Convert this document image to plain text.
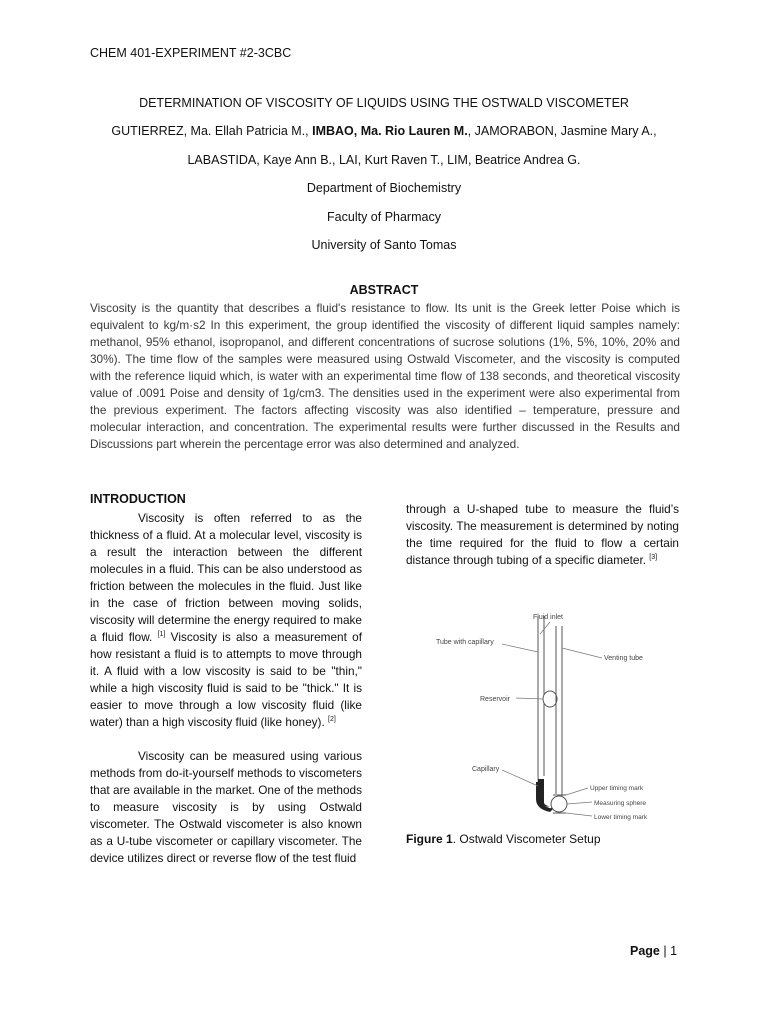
CHEM 401-EXPERIMENT #2-3CBC
DETERMINATION OF VISCOSITY OF LIQUIDS USING THE OSTWALD VISCOMETER
GUTIERREZ, Ma. Ellah Patricia M., IMBAO, Ma. Rio Lauren M., JAMORABON, Jasmine Mary A.,
LABASTIDA, Kaye Ann B., LAI, Kurt Raven T., LIM, Beatrice Andrea G.
Department of Biochemistry
Faculty of Pharmacy
University of Santo Tomas
ABSTRACT

Viscosity is the quantity that describes a fluid's resistance to flow. Its unit is the Greek letter Poise which is equivalent to kg/m·s2 In this experiment, the group identified the viscosity of different liquid samples namely: methanol, 95% ethanol, isopropanol, and different concentrations of sucrose solutions (1%, 5%, 10%, 20% and 30%). The time flow of the samples were measured using Ostwald Viscometer, and the viscosity is computed with the reference liquid which, is water with an experimental time flow of 138 seconds, and theoretical viscosity value of .0091 Poise and density of 1g/cm3. The densities used in the experiment were also experimental from the previous experiment. The factors affecting viscosity was also identified – temperature, pressure and molecular interaction, and concentration. The experimental results were further discussed in the Results and Discussions part wherein the percentage error was also determined and analyzed.

INTRODUCTION

Viscosity is often referred to as the thickness of a fluid. At a molecular level, viscosity is a result the interaction between the different molecules in a fluid. This can be also understood as friction between the molecules in the fluid. Just like in the case of friction between moving solids, viscosity will determine the energy required to make a fluid flow. [1] Viscosity is also a measurement of how resistant a fluid is to attempts to move through it. A fluid with a low viscosity is said to be "thin," while a high viscosity fluid is said to be "thick." It is easier to move through a low viscosity fluid (like water) than a high viscosity fluid (like honey). [2]

Viscosity can be measured using various methods from do-it-yourself methods to viscometers that are available in the market. One of the methods to measure viscosity is by using Ostwald viscometer. The Ostwald viscometer is also known as a U-tube viscometer or capillary viscometer. The device utilizes direct or reverse flow of the test fluid

through a U-shaped tube to measure the fluid’s viscosity. The measurement is determined by noting the time required for the fluid to flow a certain distance through tubing of a specific diameter. [3]
Fluid inlet
Tube with capillary
Venting tube
Reservoir
Capillary
Upper timing mark
Measuring sphere
Lower timing mark
Figure 1. Ostwald Viscometer Setup
Page | 1
